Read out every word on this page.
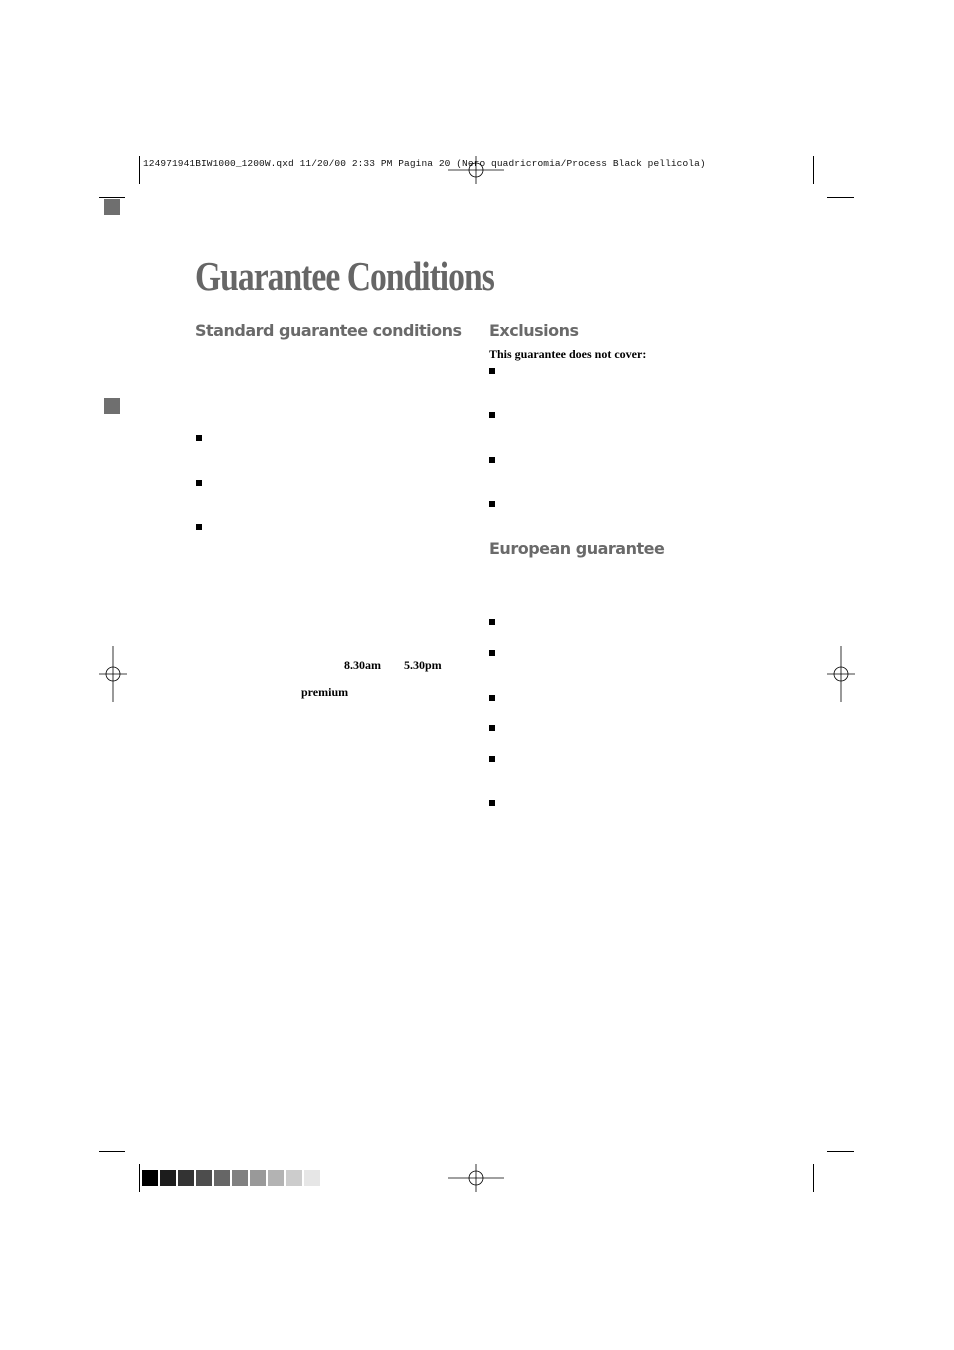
124971941BIW1000_1200W.qxd 11/20/00 2:33 PM Pagina 20 (Nero quadricromia/Process Black pellicola)
Guarantee Conditions
Standard guarantee conditions
8.30am 5.30pm
premium
Exclusions
This guarantee does not cover:
European guarantee
